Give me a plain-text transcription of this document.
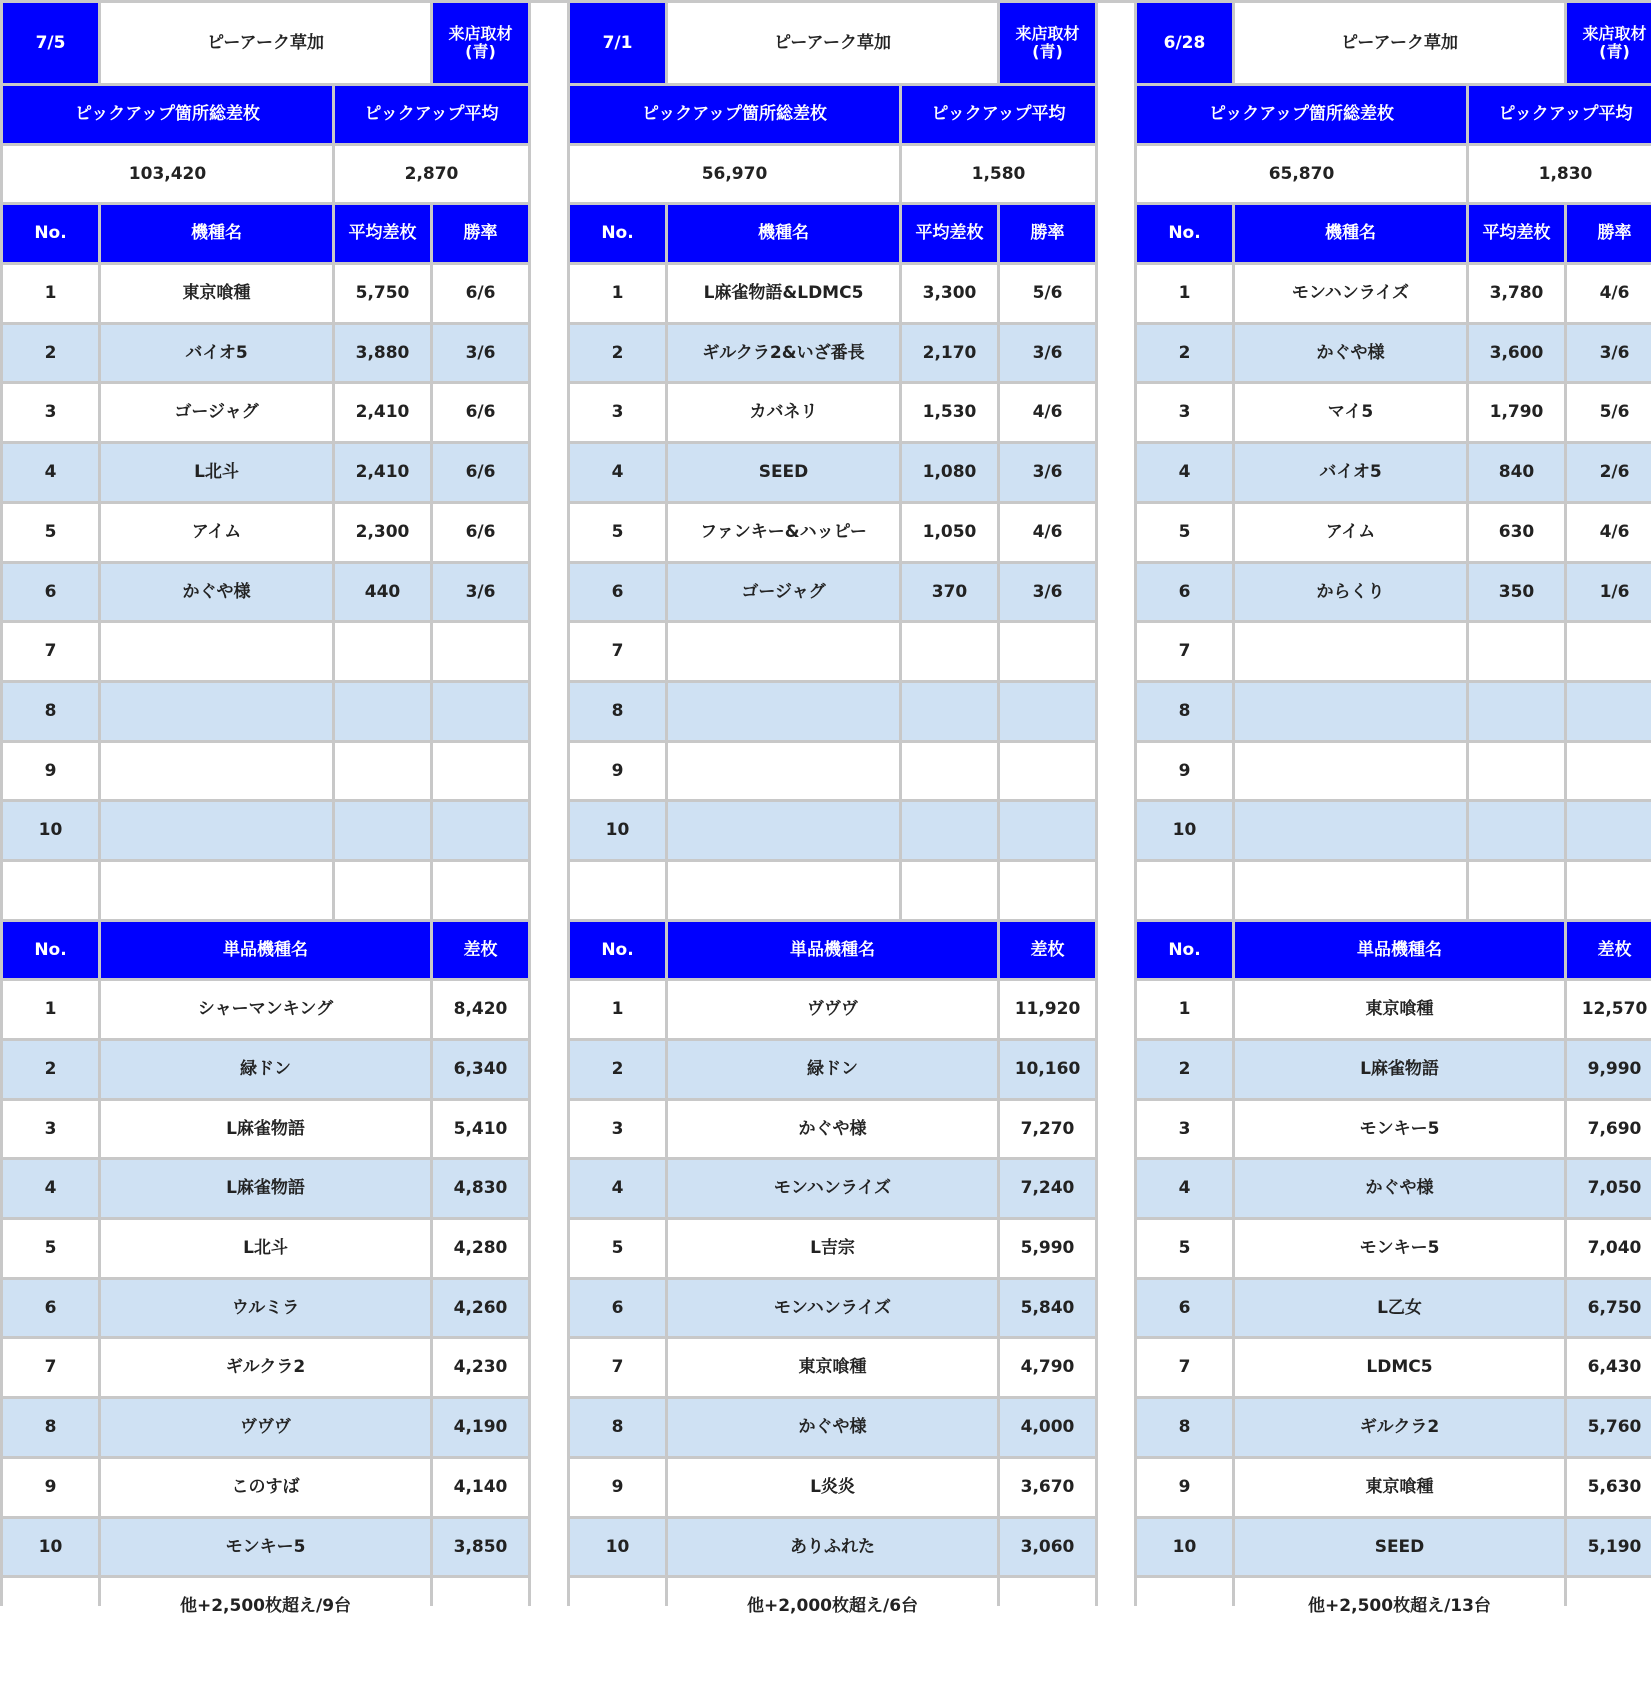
7/5	ピーアーク草加	来店取材
(青)
ピックアップ箇所総差枚	ピックアップ平均
103,420	2,870
No.	機種名	平均差枚	勝率
1	東京喰種	5,750	6/6
2	バイオ5	3,880	3/6
3	ゴージャグ	2,410	6/6
4	L北斗	2,410	6/6
5	アイム	2,300	6/6
6	かぐや様	440	3/6
7
8
9
10
No.	単品機種名	差枚
1	シャーマンキング	8,420
2	緑ドン	6,340
3	L麻雀物語	5,410
4	L麻雀物語	4,830
5	L北斗	4,280
6	ウルミラ	4,260
7	ギルクラ2	4,230
8	ヴヴヴ	4,190
9	このすば	4,140
10	モンキー5	3,850
他+2,500枚超え/9台
7/1	ピーアーク草加	来店取材
(青)
ピックアップ箇所総差枚	ピックアップ平均
56,970	1,580
No.	機種名	平均差枚	勝率
1	L麻雀物語&LDMC5	3,300	5/6
2	ギルクラ2&いざ番長	2,170	3/6
3	カバネリ	1,530	4/6
4	SEED	1,080	3/6
5	ファンキー&ハッピー	1,050	4/6
6	ゴージャグ	370	3/6
7
8
9
10
No.	単品機種名	差枚
1	ヴヴヴ	11,920
2	緑ドン	10,160
3	かぐや様	7,270
4	モンハンライズ	7,240
5	L吉宗	5,990
6	モンハンライズ	5,840
7	東京喰種	4,790
8	かぐや様	4,000
9	L炎炎	3,670
10	ありふれた	3,060
他+2,000枚超え/6台
6/28	ピーアーク草加	来店取材
(青)
ピックアップ箇所総差枚	ピックアップ平均
65,870	1,830
No.	機種名	平均差枚	勝率
1	モンハンライズ	3,780	4/6
2	かぐや様	3,600	3/6
3	マイ5	1,790	5/6
4	バイオ5	840	2/6
5	アイム	630	4/6
6	からくり	350	1/6
7
8
9
10
No.	単品機種名	差枚
1	東京喰種	12,570
2	L麻雀物語	9,990
3	モンキー5	7,690
4	かぐや様	7,050
5	モンキー5	7,040
6	L乙女	6,750
7	LDMC5	6,430
8	ギルクラ2	5,760
9	東京喰種	5,630
10	SEED	5,190
他+2,500枚超え/13台
